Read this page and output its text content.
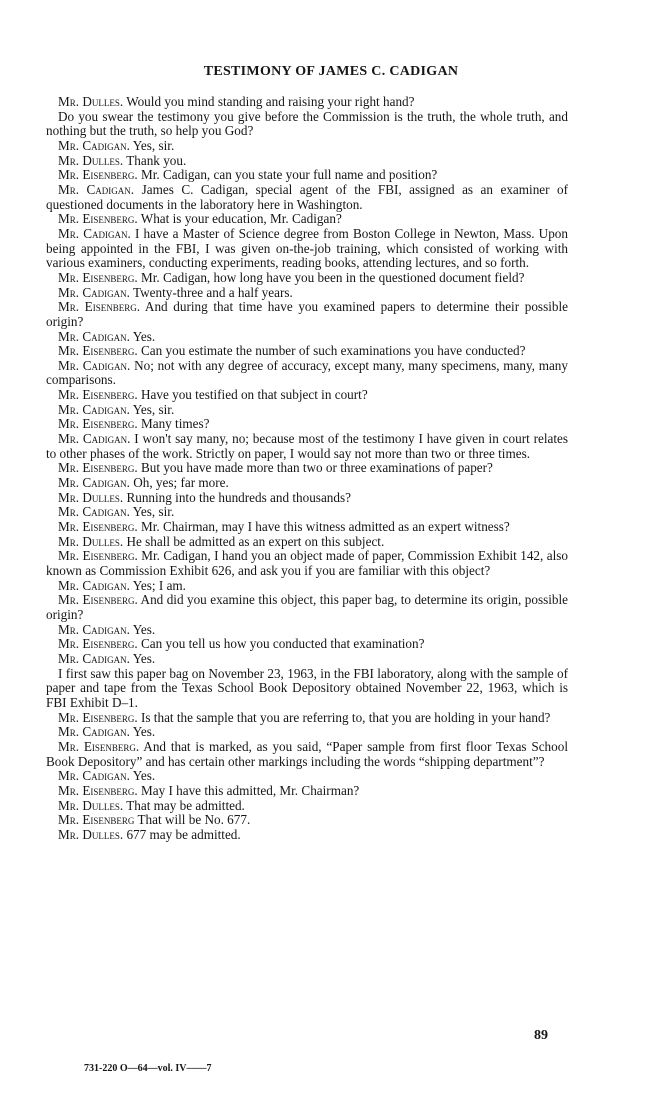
TESTIMONY OF JAMES C. CADIGAN

Mr. Dulles. Would you mind standing and raising your right hand?

Do you swear the testimony you give before the Commission is the truth, the whole truth, and nothing but the truth, so help you God?

Mr. Cadigan. Yes, sir.

Mr. Dulles. Thank you.

Mr. Eisenberg. Mr. Cadigan, can you state your full name and position?

Mr. Cadigan. James C. Cadigan, special agent of the FBI, assigned as an examiner of questioned documents in the laboratory here in Washington.

Mr. Eisenberg. What is your education, Mr. Cadigan?

Mr. Cadigan. I have a Master of Science degree from Boston College in Newton, Mass. Upon being appointed in the FBI, I was given on-the-job training, which consisted of working with various examiners, conducting experiments, reading books, attending lectures, and so forth.

Mr. Eisenberg. Mr. Cadigan, how long have you been in the questioned document field?

Mr. Cadigan. Twenty-three and a half years.

Mr. Eisenberg. And during that time have you examined papers to determine their possible origin?

Mr. Cadigan. Yes.

Mr. Eisenberg. Can you estimate the number of such examinations you have conducted?

Mr. Cadigan. No; not with any degree of accuracy, except many, many specimens, many, many comparisons.

Mr. Eisenberg. Have you testified on that subject in court?

Mr. Cadigan. Yes, sir.

Mr. Eisenberg. Many times?

Mr. Cadigan. I won't say many, no; because most of the testimony I have given in court relates to other phases of the work. Strictly on paper, I would say not more than two or three times.

Mr. Eisenberg. But you have made more than two or three examinations of paper?

Mr. Cadigan. Oh, yes; far more.

Mr. Dulles. Running into the hundreds and thousands?

Mr. Cadigan. Yes, sir.

Mr. Eisenberg. Mr. Chairman, may I have this witness admitted as an expert witness?

Mr. Dulles. He shall be admitted as an expert on this subject.

Mr. Eisenberg. Mr. Cadigan, I hand you an object made of paper, Commission Exhibit 142, also known as Commission Exhibit 626, and ask you if you are familiar with this object?

Mr. Cadigan. Yes; I am.

Mr. Eisenberg. And did you examine this object, this paper bag, to determine its origin, possible origin?

Mr. Cadigan. Yes.

Mr. Eisenberg. Can you tell us how you conducted that examination?

Mr. Cadigan. Yes.

I first saw this paper bag on November 23, 1963, in the FBI laboratory, along with the sample of paper and tape from the Texas School Book Depository obtained November 22, 1963, which is FBI Exhibit D–1.

Mr. Eisenberg. Is that the sample that you are referring to, that you are holding in your hand?

Mr. Cadigan. Yes.

Mr. Eisenberg. And that is marked, as you said, “Paper sample from first floor Texas School Book Depository” and has certain other markings including the words “shipping department”?

Mr. Cadigan. Yes.

Mr. Eisenberg. May I have this admitted, Mr. Chairman?

Mr. Dulles. That may be admitted.

Mr. Eisenberg That will be No. 677.

Mr. Dulles. 677 may be admitted.

89
731-220 O—64—vol. IV——7
